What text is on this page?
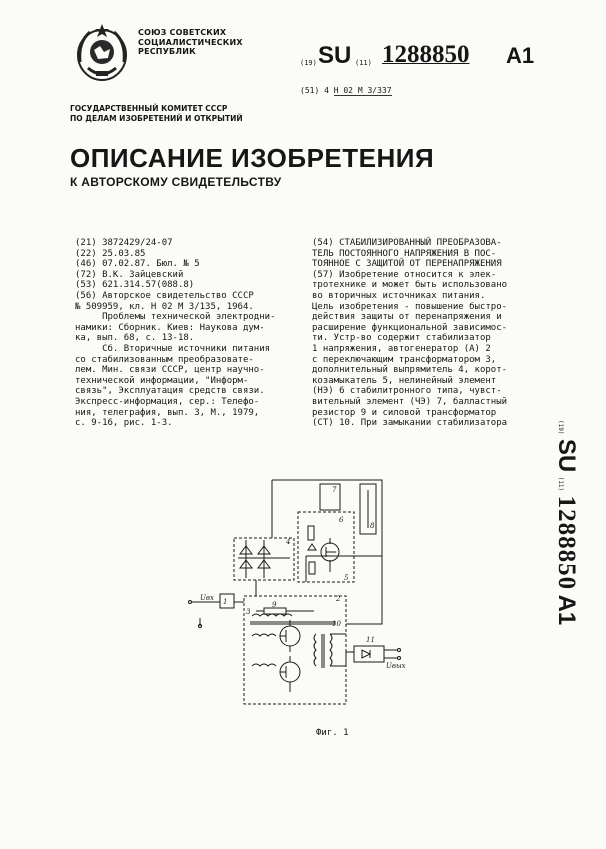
СОЮЗ СОВЕТСКИХ
СОЦИАЛИСТИЧЕСКИХ
РЕСПУБЛИК
(19) SU (11) 1288850 A1
(51) 4 Н 02 М 3/337
ГОСУДАРСТВЕННЫЙ КОМИТЕТ СССР
ПО ДЕЛАМ ИЗОБРЕТЕНИЙ И ОТКРЫТИЙ
ОПИСАНИЕ ИЗОБРЕТЕНИЯ
К АВТОРСКОМУ СВИДЕТЕЛЬСТВУ
(21) 3872429/24-07
(22) 25.03.85
(46) 07.02.87. Бюл. № 5
(72) В.К. Зайцевский
(53) 621.314.57(088.8)
(56) Авторское свидетельство СССР
№ 509959, кл. Н 02 М 3/135, 1964.
Проблемы технической электродни-
намики: Сборник. Киев: Наукова дум-
ка, вып. 68, с. 13-18.
Сб. Вторичные источники питания
со стабилизованным преобразовате-
лем. Мин. связи СССР, центр научно-
технической информации, "Информ-
связь", Эксплуатация средств связи.
Экспресс-информация, сер.: Телефо-
ния, телеграфия, вып. 3, М., 1979,
с. 9-16, рис. 1-3.
(54) СТАБИЛИЗИРОВАННЫЙ ПРЕОБРАЗОВА-
ТЕЛЬ ПОСТОЯННОГО НАПРЯЖЕНИЯ В ПОС-
ТОЯННОЕ С ЗАЩИТОЙ ОТ ПЕРЕНАПРЯЖЕНИЯ
(57) Изобретение относится к элек-
тротехнике и может быть использовано
во вторичных источниках питания.
Цель изобретения - повышение быстро-
действия защиты от перенапряжения и
расширение функциональной зависимос-
ти. Устр-во содержит стабилизатор
1 напряжения, автогенератор (А) 2
с переключающим трансформатором 3,
дополнительный выпрямитель 4, корот-
козамыкатель 5, нелинейный элемент
(НЭ) 6 стабилитронного типа, чувст-
вительный элемент (ЧЭ) 7, балластный
резистор 9 и силовой трансформатор
(СТ) 10. При замыкании стабилизатора	(19) SU (11) 1288850 A1
1	2
3
4
5
6
7
8
9
10
11
Uвх
Uвых
Фиг. 1
